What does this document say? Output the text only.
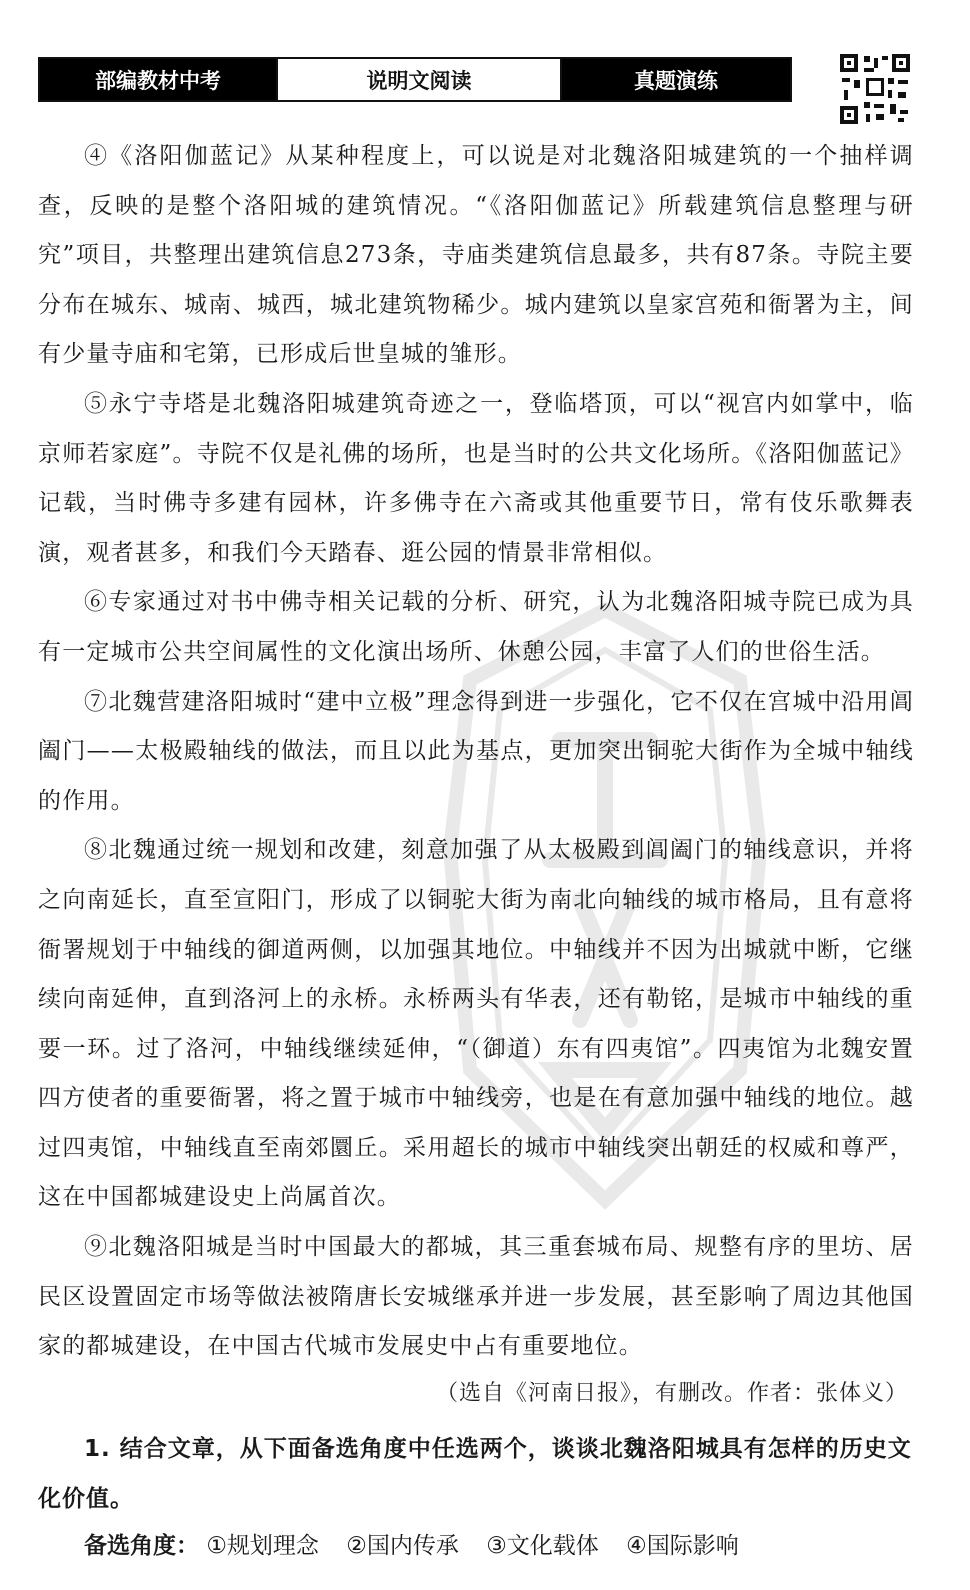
部编教材中考	说明文阅读	真题演练

④《洛阳伽蓝记》从某种程度上，可以说是对北魏洛阳城建筑的一个抽样调查，反映的是整个洛阳城的建筑情况。“《洛阳伽蓝记》所载建筑信息整理与研究”项目，共整理出建筑信息273条，寺庙类建筑信息最多，共有87条。寺院主要分布在城东、城南、城西，城北建筑物稀少。城内建筑以皇家宫苑和衙署为主，间有少量寺庙和宅第，已形成后世皇城的雏形。

⑤永宁寺塔是北魏洛阳城建筑奇迹之一，登临塔顶，可以“视宫内如掌中，临京师若家庭”。寺院不仅是礼佛的场所，也是当时的公共文化场所。《洛阳伽蓝记》记载，当时佛寺多建有园林，许多佛寺在六斋或其他重要节日，常有伎乐歌舞表演，观者甚多，和我们今天踏春、逛公园的情景非常相似。

⑥专家通过对书中佛寺相关记载的分析、研究，认为北魏洛阳城寺院已成为具有一定城市公共空间属性的文化演出场所、休憩公园，丰富了人们的世俗生活。

⑦北魏营建洛阳城时“建中立极”理念得到进一步强化，它不仅在宫城中沿用阊阖门——太极殿轴线的做法，而且以此为基点，更加突出铜驼大街作为全城中轴线的作用。

⑧北魏通过统一规划和改建，刻意加强了从太极殿到阊阖门的轴线意识，并将之向南延长，直至宣阳门，形成了以铜驼大街为南北向轴线的城市格局，且有意将衙署规划于中轴线的御道两侧，以加强其地位。中轴线并不因为出城就中断，它继续向南延伸，直到洛河上的永桥。永桥两头有华表，还有勒铭，是城市中轴线的重要一环。过了洛河，中轴线继续延伸，“（御道）东有四夷馆”。四夷馆为北魏安置四方使者的重要衙署，将之置于城市中轴线旁，也是在有意加强中轴线的地位。越过四夷馆，中轴线直至南郊圜丘。采用超长的城市中轴线突出朝廷的权威和尊严，这在中国都城建设史上尚属首次。

⑨北魏洛阳城是当时中国最大的都城，其三重套城布局、规整有序的里坊、居民区设置固定市场等做法被隋唐长安城继承并进一步发展，甚至影响了周边其他国家的都城建设，在中国古代城市发展史中占有重要地位。

（选自《河南日报》，有删改。作者：张体义）

1. 结合文章，从下面备选角度中任选两个，谈谈北魏洛阳城具有怎样的历史文化价值。

备选角度： ①规划理念 ②国内传承 ③文化载体 ④国际影响
